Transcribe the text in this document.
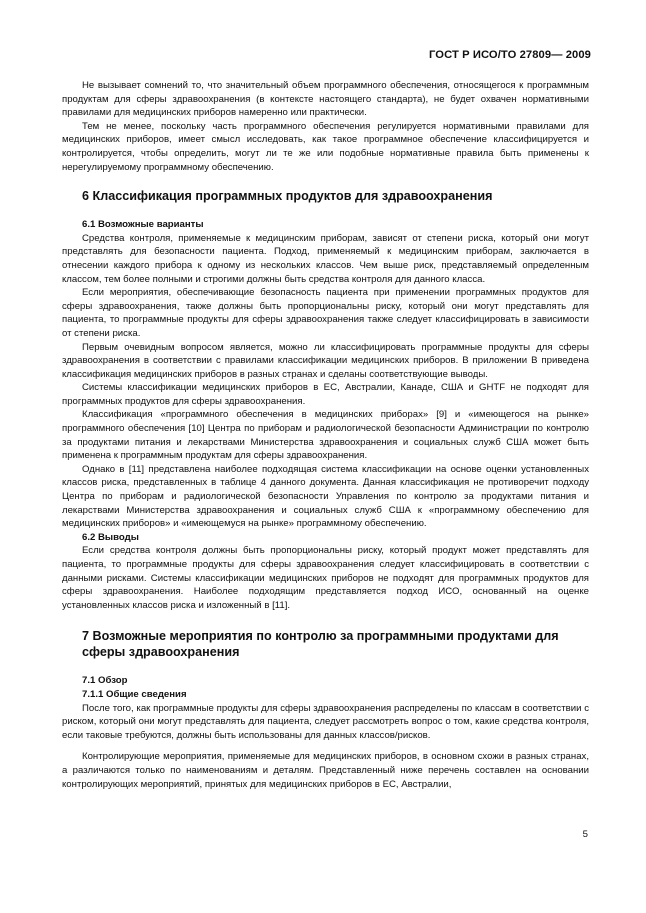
ГОСТ Р ИСО/ТО 27809— 2009

Не вызывает сомнений то, что значительный объем программного обеспечения, относящегося к программным продуктам для сферы здравоохранения (в контексте настоящего стандарта), не будет охвачен нормативными правилами для медицинских приборов намеренно или практически.

Тем не менее, поскольку часть программного обеспечения регулируется нормативными правилами для медицинских приборов, имеет смысл исследовать, как такое программное обеспечение классифицируется и контролируется, чтобы определить, могут ли те же или подобные нормативные правила быть применены к нерегулируемому программному обеспечению.

6 Классификация программных продуктов для здравоохранения
6.1 Возможные варианты

Средства контроля, применяемые к медицинским приборам, зависят от степени риска, который они могут представлять для безопасности пациента. Подход, применяемый к медицинским приборам, заключается в отнесении каждого прибора к одному из нескольких классов. Чем выше риск, представляемый определенным классом, тем более полными и строгими должны быть средства контроля для данного класса.

Если мероприятия, обеспечивающие безопасность пациента при применении программных продуктов для сферы здравоохранения, также должны быть пропорциональны риску, который они могут представлять для пациента, то программные продукты для сферы здравоохранения также следует классифицировать в зависимости от степени риска.

Первым очевидным вопросом является, можно ли классифицировать программные продукты для сферы здравоохранения в соответствии с правилами классификации медицинских приборов. В приложении В приведена классификация медицинских приборов в разных странах и сделаны соответствующие выводы.

Системы классификации медицинских приборов в ЕС, Австралии, Канаде, США и GHTF не подходят для программных продуктов для сферы здравоохранения.

Классификация «программного обеспечения в медицинских приборах» [9] и «имеющегося на рынке» программного обеспечения [10] Центра по приборам и радиологической безопасности Администрации по контролю за продуктами питания и лекарствами Министерства здравоохранения и социальных служб США может быть применена к программным продуктам для сферы здравоохранения.

Однако в [11] представлена наиболее подходящая система классификации на основе оценки установленных классов риска, представленных в таблице 4 данного документа. Данная классификация не противоречит подходу Центра по приборам и радиологической безопасности Управления по контролю за продуктами питания и лекарствами Министерства здравоохранения и социальных служб США к «программному обеспечению для медицинских приборов» и «имеющемуся на рынке» программному обеспечению.

6.2 Выводы

Если средства контроля должны быть пропорциональны риску, который продукт может представлять для пациента, то программные продукты для сферы здравоохранения следует классифицировать в соответствии с данными рисками. Системы классификации медицинских приборов не подходят для программных продуктов для сферы здравоохранения. Наиболее подходящим представляется подход ИСО, основанный на оценке установленных классов риска и изложенный в [11].

7 Возможные мероприятия по контролю за программными продуктами для сферы здравоохранения
7.1 Обзор
7.1.1 Общие сведения

После того, как программные продукты для сферы здравоохранения распределены по классам в соответствии с риском, который они могут представлять для пациента, следует рассмотреть вопрос о том, какие средства контроля, если таковые требуются, должны быть использованы для данных классов/рисков.

Контролирующие мероприятия, применяемые для медицинских приборов, в основном схожи в разных странах, а различаются только по наименованиям и деталям. Представленный ниже перечень составлен на основании контролирующих мероприятий, принятых для медицинских приборов в ЕС, Австралии,

5
